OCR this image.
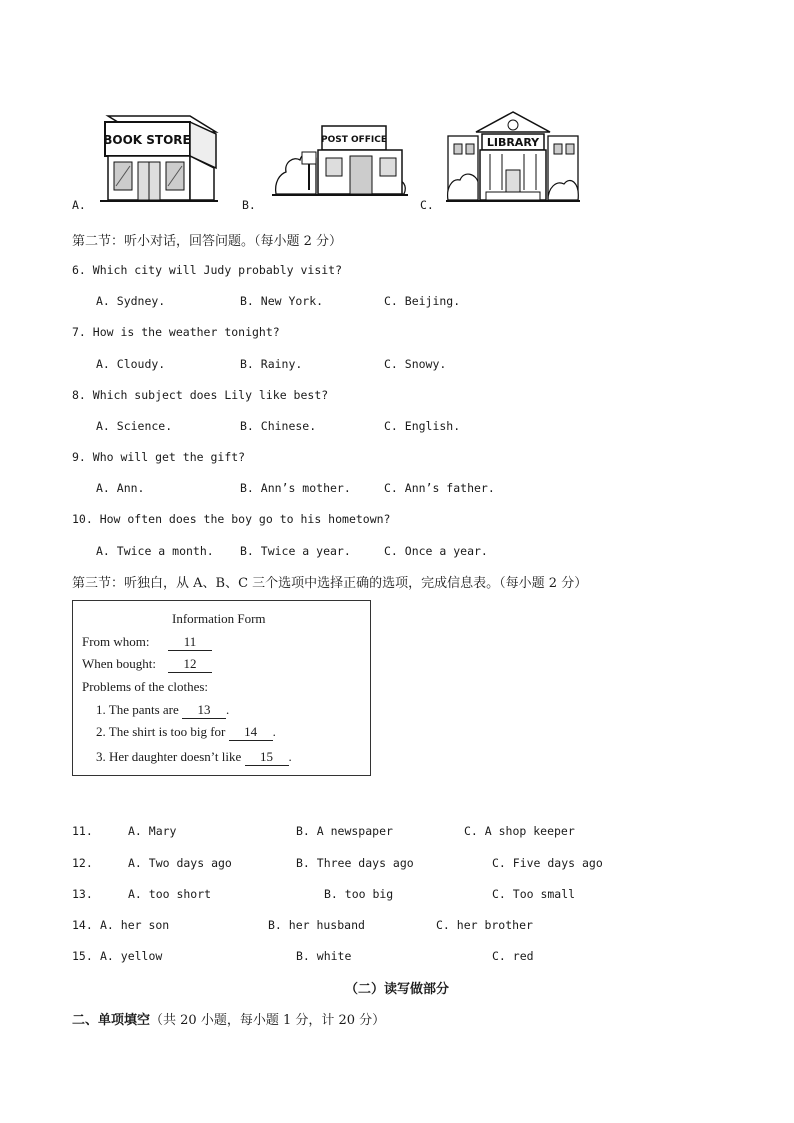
BOOK STORE	POST OFFICE	LIBRARY
A.	B.	C.
第二节：听小对话，回答问题。（每小题 2 分）
6. Which city will Judy probably visit?
A. Sydney.	B. New York.	C. Beijing.
7. How is the weather tonight?
A. Cloudy.	B. Rainy.	C. Snowy.
8. Which subject does Lily like best?
A. Science.	B. Chinese.	C. English.
9. Who will get the gift?
A. Ann.	B. Ann’s mother.	C. Ann’s father.
10. How often does the boy go to his hometown?
A. Twice a month. B. Twice a year.	C. Once a year.
第三节：听独白，从 A、B、C 三个选项中选择正确的选项，完成信息表。（每小题 2 分）
Information Form
From whom:	11
When bought:	12
Problems of the clothes:
1. The pants are 13 .
2. The shirt is too big for 14 .
3. Her daughter doesn’t like 15 .
11.	A. Mary	B. A newspaper	C. A shop keeper
12.	A. Two days ago	B. Three days ago	C. Five days ago
13.	A. too short	B. too big	C. Too small
14. A. her son	B. her husband	C. her brother
15. A. yellow	B. white	C. red
（二）读写做部分
二、单项填空（共 20 小题，每小题 1 分，计 20 分）
